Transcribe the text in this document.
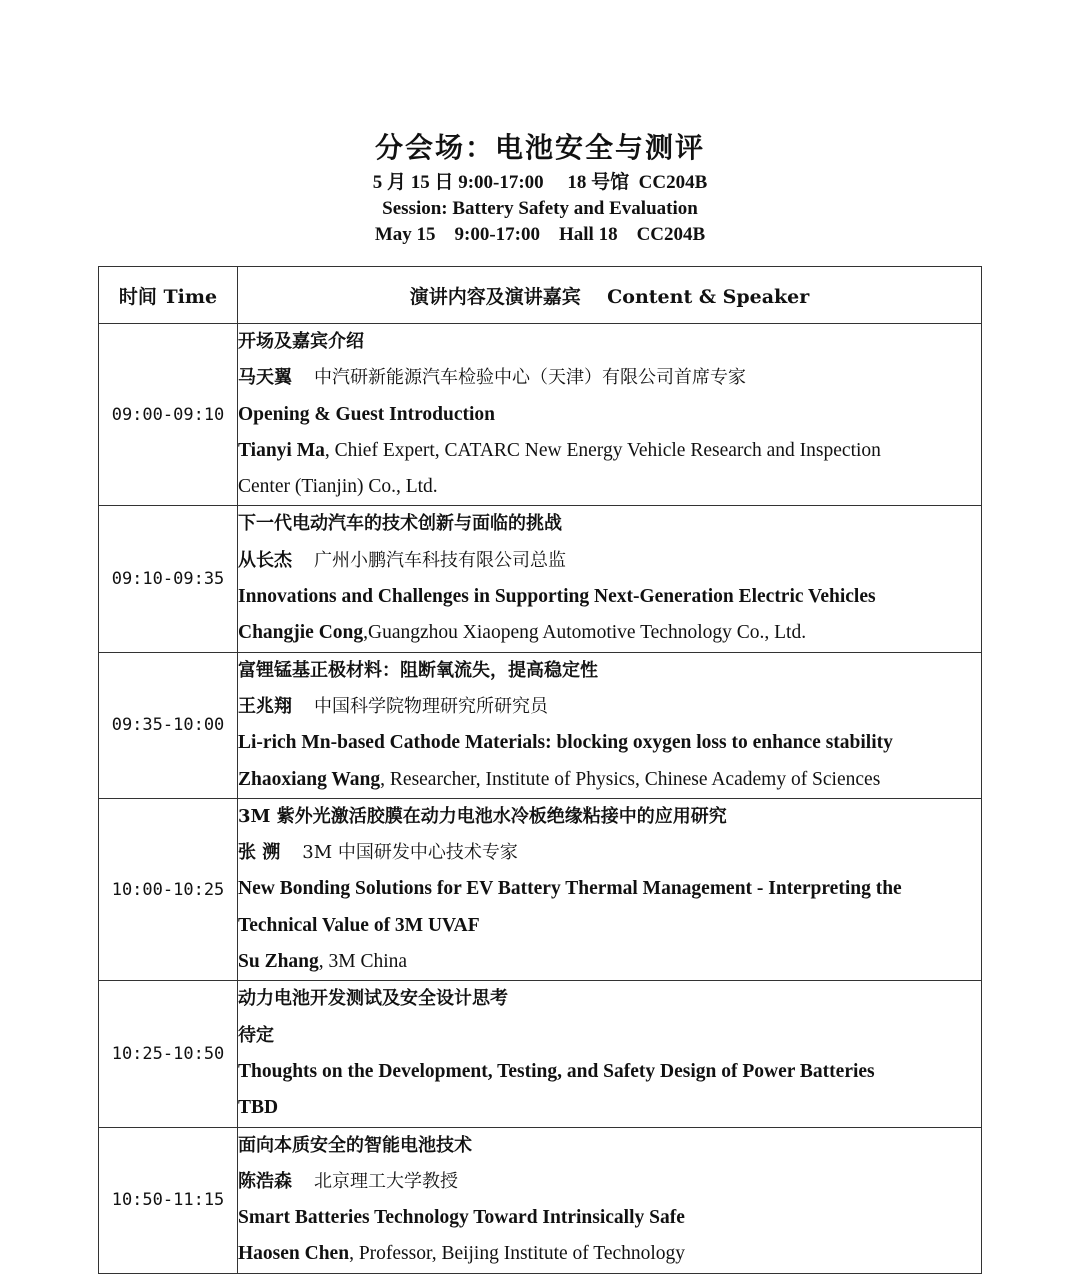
分会场：电池安全与测评
5 月 15 日 9:00-17:00     18 号馆  CC204B
Session: Battery Safety and Evaluation
May 15    9:00-17:00    Hall 18    CC204B
时间 Time	演讲内容及演讲嘉宾    Content & Speaker
09:00-09:10	开场及嘉宾介绍
马天翼 中汽研新能源汽车检验中心（天津）有限公司首席专家
Opening & Guest Introduction
Tianyi Ma, Chief Expert, CATARC New Energy Vehicle Research and Inspection
Center (Tianjin) Co., Ltd.

09:10-09:35	下一代电动汽车的技术创新与面临的挑战
从长杰 广州小鹏汽车科技有限公司总监
Innovations and Challenges in Supporting Next-Generation Electric Vehicles
Changjie Cong,Guangzhou Xiaopeng Automotive Technology Co., Ltd.

09:35-10:00	富锂锰基正极材料：阻断氧流失，提高稳定性
王兆翔 中国科学院物理研究所研究员
Li-rich Mn-based Cathode Materials: blocking oxygen loss to enhance stability
Zhaoxiang Wang, Researcher, Institute of Physics, Chinese Academy of Sciences

10:00-10:25	3M 紫外光激活胶膜在动力电池水冷板绝缘粘接中的应用研究
张 溯 3M 中国研发中心技术专家
New Bonding Solutions for EV Battery Thermal Management - Interpreting the
Technical Value of 3M UVAF
Su Zhang, 3M China

10:25-10:50	动力电池开发测试及安全设计思考
待定
Thoughts on the Development, Testing, and Safety Design of Power Batteries
TBD

10:50-11:15	面向本质安全的智能电池技术
陈浩森 北京理工大学教授
Smart Batteries Technology Toward Intrinsically Safe
Haosen Chen, Professor, Beijing Institute of Technology
